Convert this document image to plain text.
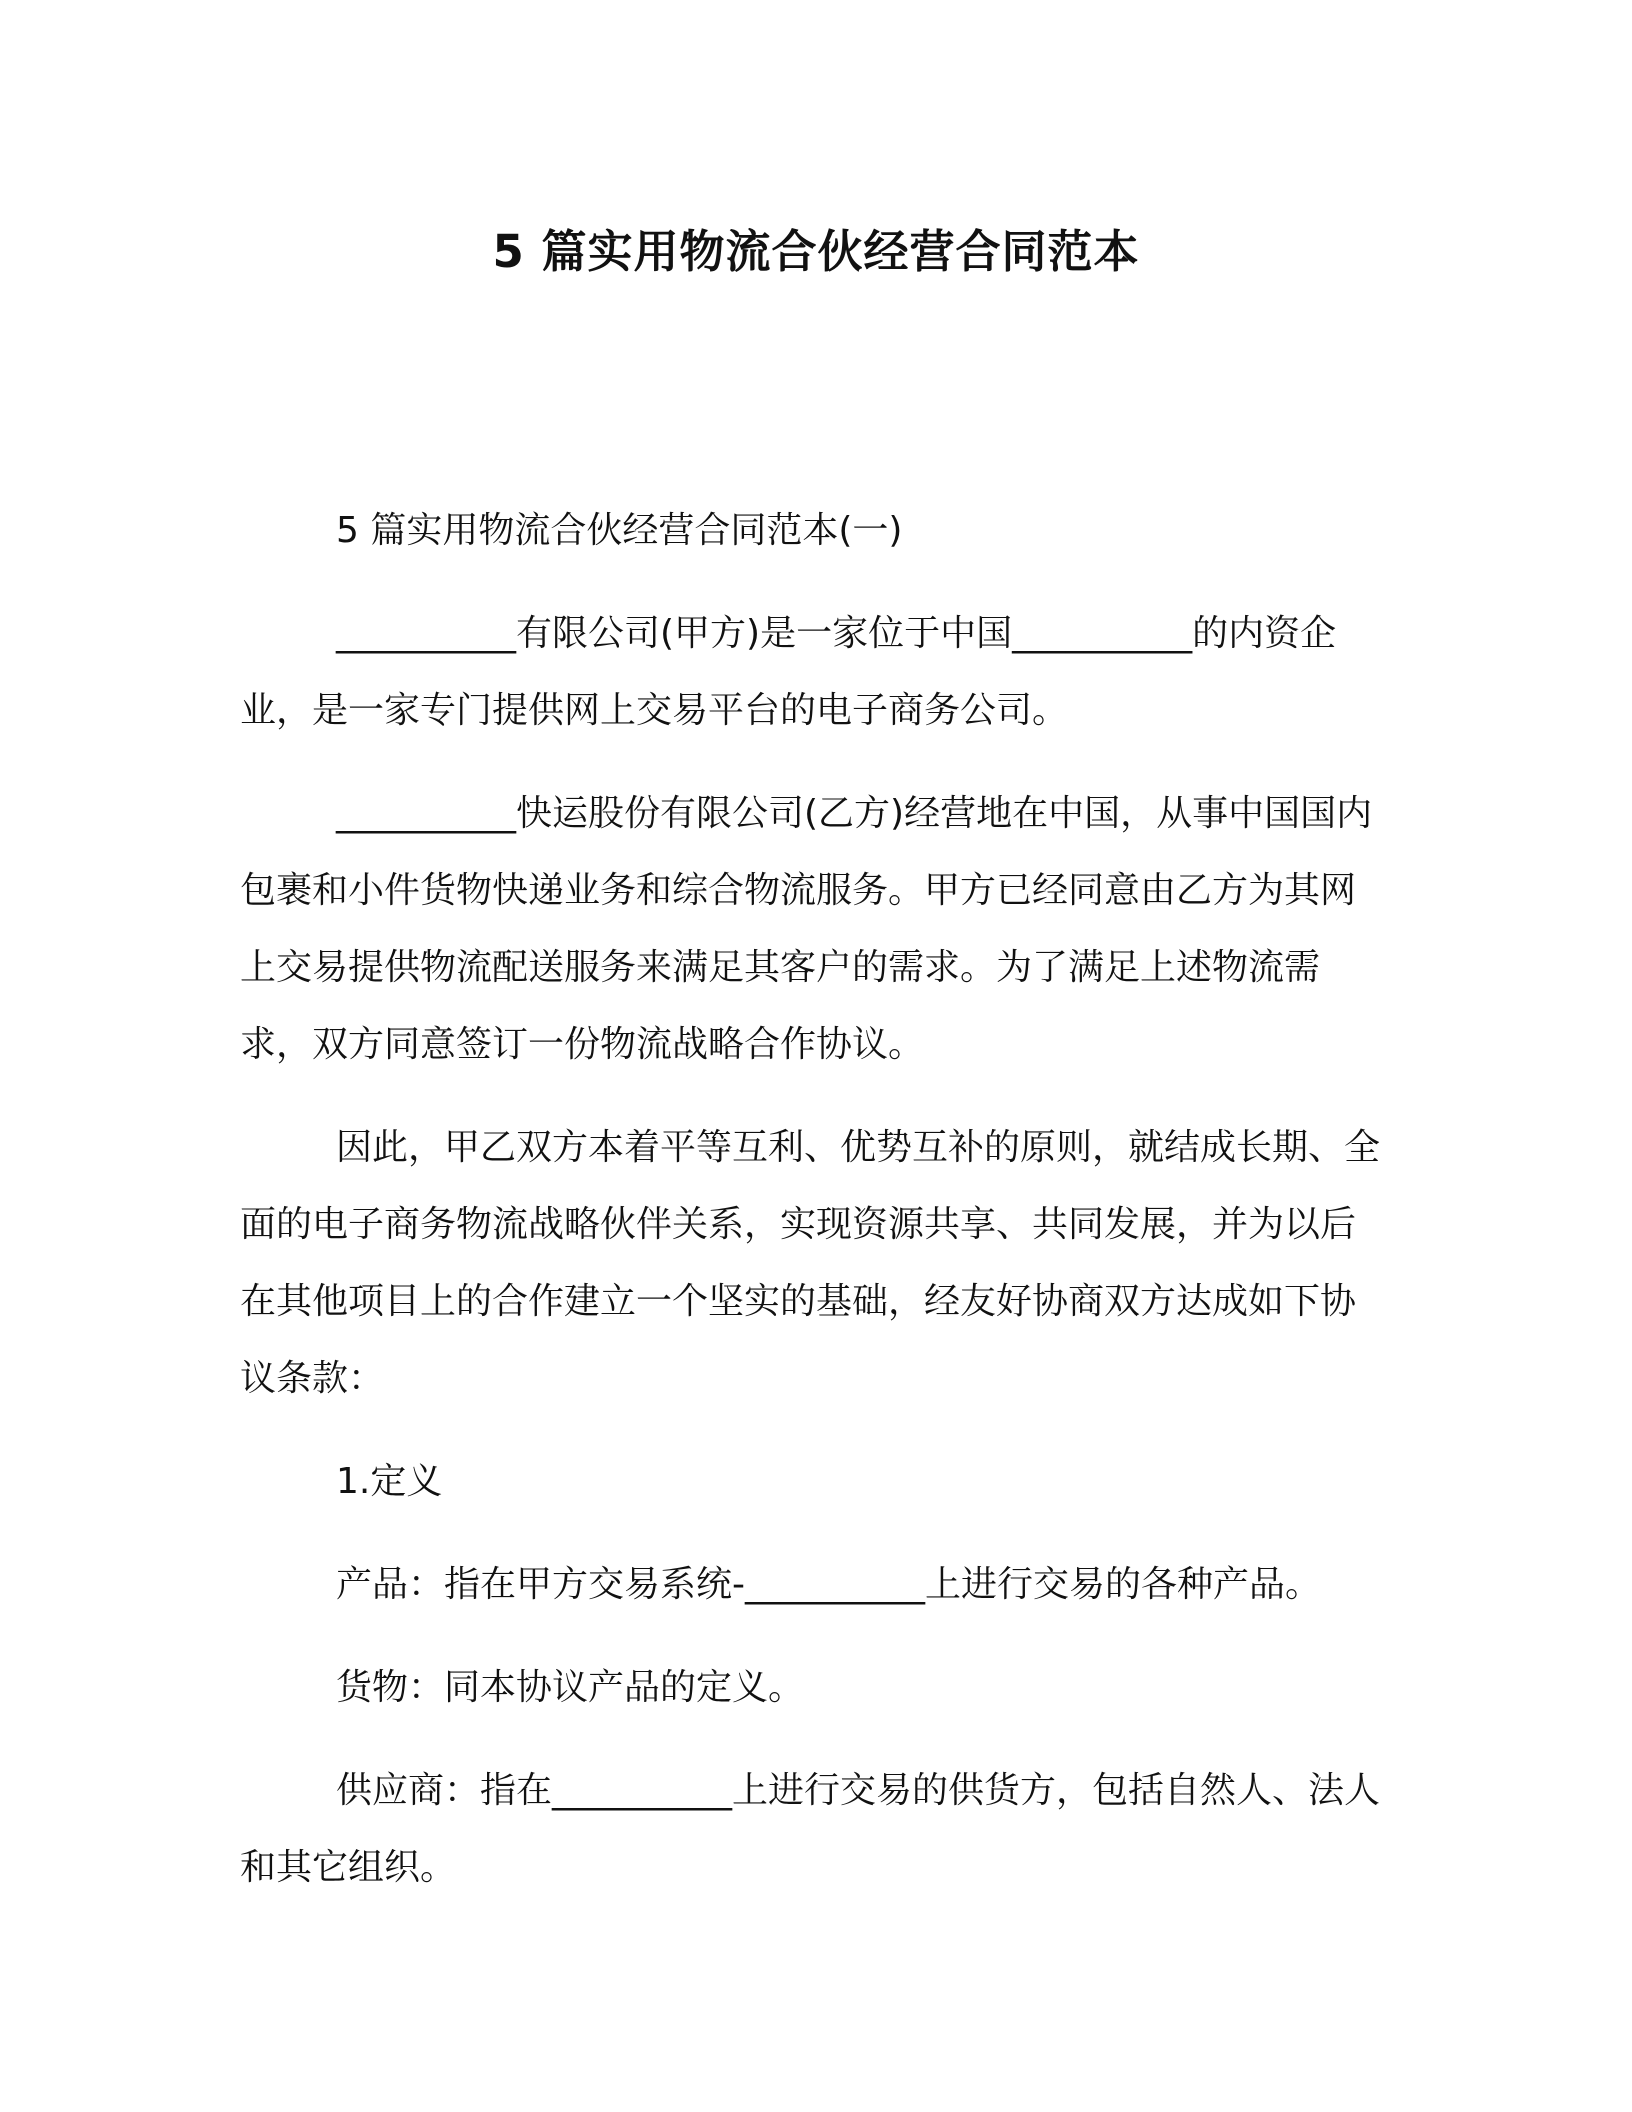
5 篇实用物流合伙经营合同范本

5 篇实用物流合伙经营合同范本(一)

__________有限公司(甲方)是一家位于中国__________的内资企业，是一家专门提供网上交易平台的电子商务公司。

__________快运股份有限公司(乙方)经营地在中国，从事中国国内包裹和小件货物快递业务和综合物流服务。甲方已经同意由乙方为其网上交易提供物流配送服务来满足其客户的需求。为了满足上述物流需求，双方同意签订一份物流战略合作协议。

因此，甲乙双方本着平等互利、优势互补的原则，就结成长期、全面的电子商务物流战略伙伴关系，实现资源共享、共同发展，并为以后在其他项目上的合作建立一个坚实的基础，经友好协商双方达成如下协议条款：

1.定义

产品：指在甲方交易系统-__________上进行交易的各种产品。

货物：同本协议产品的定义。

供应商：指在__________上进行交易的供货方，包括自然人、法人和其它组织。
